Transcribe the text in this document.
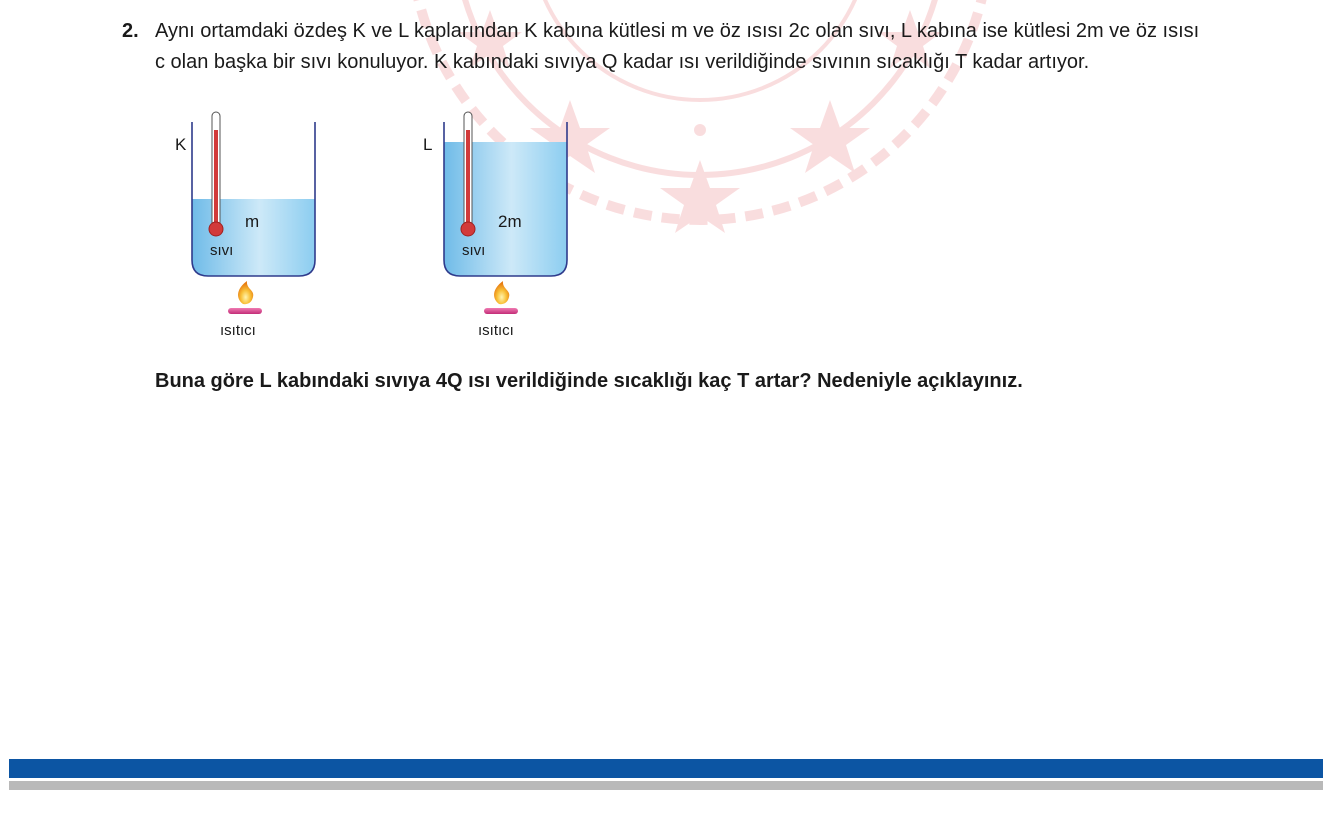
2. Aynı ortamdaki özdeş K ve L kaplarından K kabına kütlesi m ve öz ısısı 2c olan sıvı, L kabına ise kütlesi 2m ve öz ısısı c olan başka bir sıvı konuluyor. K kabındaki sıvıya Q kadar ısı verildiğinde sıvının sıcaklığı T kadar artıyor.
K
m
sıvı
ısıtıcı
L
2m
sıvı
ısıtıcı
Buna göre L kabındaki sıvıya 4Q ısı verildiğinde sıcaklığı kaç T artar? Nedeniyle açıklayınız.
